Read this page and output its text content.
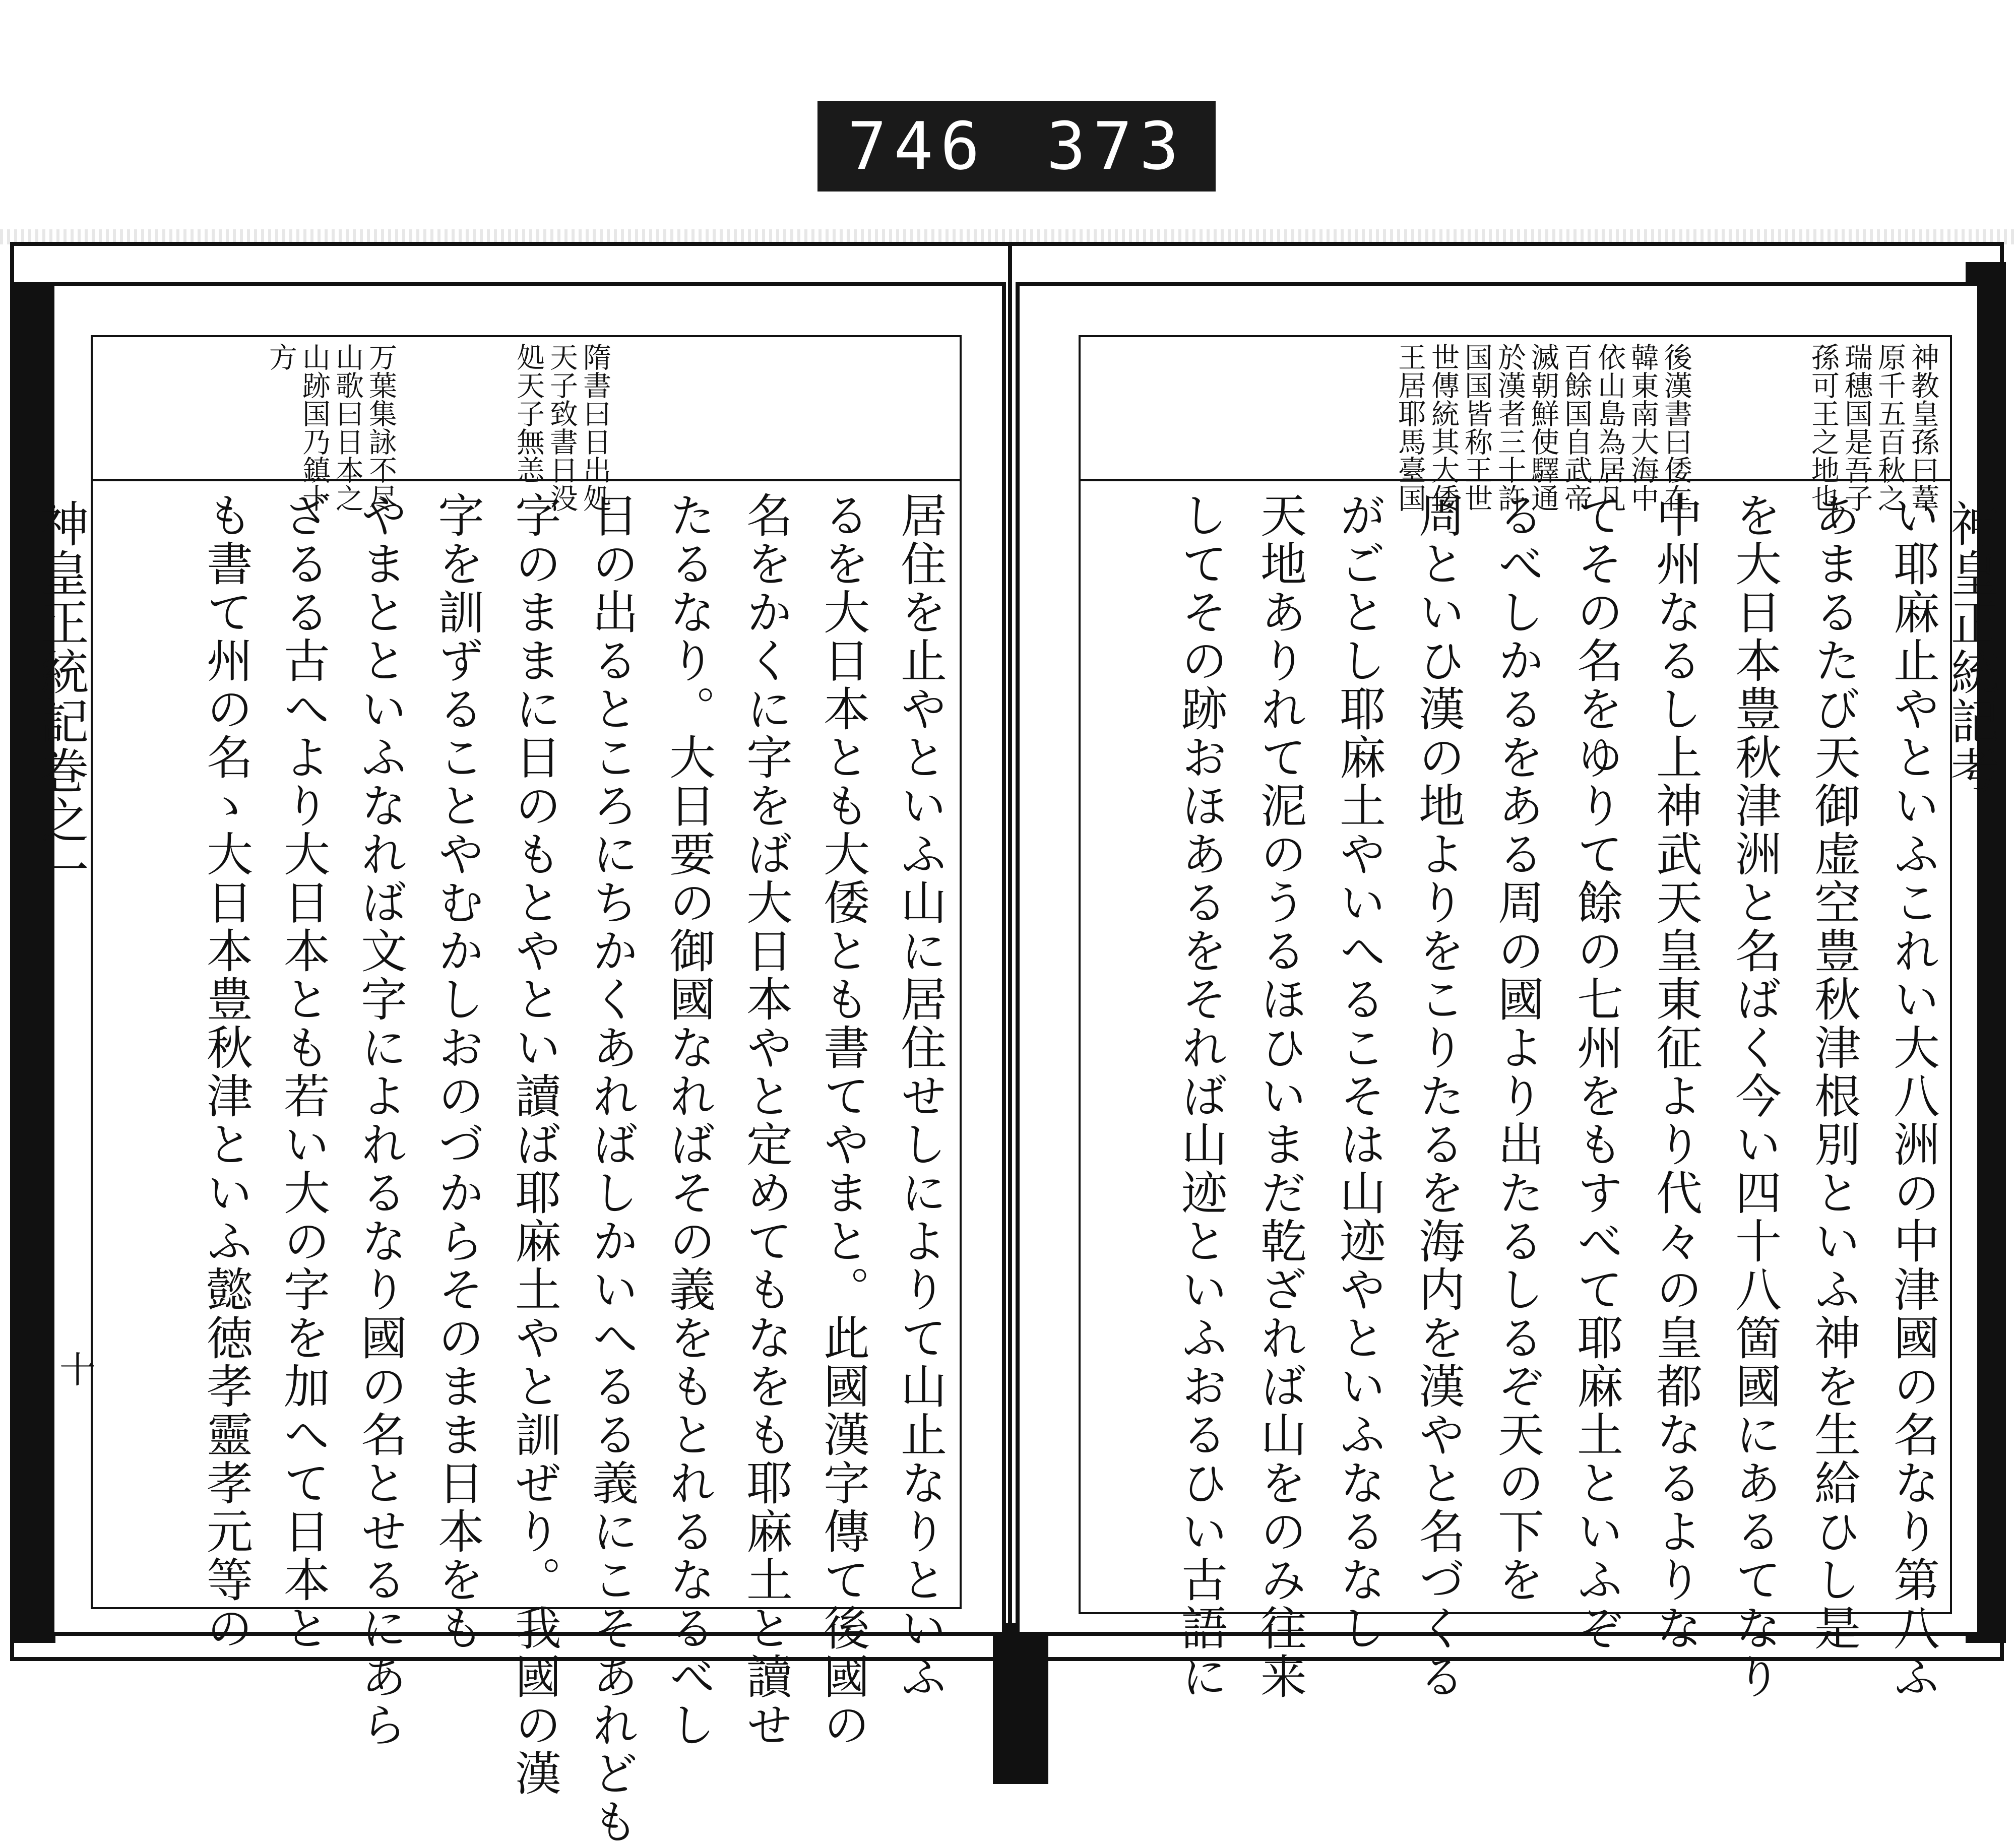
746 373
神皇正統記巻之一
十
隋書曰日出処
天子致書日没
処天子無恙
万葉集詠不尽
山歌曰日本之
山跡国乃鎮十
方
居住を止やといふ山に居住せしによりて山止なりといふ
るを大日本とも大倭とも書てやまと。此國漢字傳て後國の
名をかくに字をば大日本やと定めてもなをも耶麻土と讀せ
たるなり。大日要の御國なればその義をもとれるなるべし
日の出るところにちかくあればしかいへるる義にこそあれども
字のままに日のもとやとい讀ば耶麻土やと訓ぜり。我國の漢
字を訓ずることやむかしおのづからそのまま日本をも
やまとといふなれば文字によれるなり國の名とせるにあら
ざるる古へより大日本とも若い大の字を加へて日本と
も書て州の名ゝ大日本豊秋津といふ懿徳孝靈孝元等の	神皇正統記考
神教皇孫曰葦
原千五百秋之
瑞穗国是吾子
孫可王之地也
後漢書曰倭在
韓東南大海中
依山島為居凡
百餘国自武帝
滅朝鮮使驛通
於漢者三十許
国国皆称王世
世傳統其大倭
王居耶馬臺国
い耶麻止やといふこれい大八洲の中津國の名なり第八ふ
あまるたび天御虚空豊秋津根別といふ神を生給ひし是
を大日本豊秋津洲と名ばく今い四十八箇國にあるてなり
中州なるし上神武天皇東征より代々の皇都なるよりな
てその名をゆりて餘の七州をもすべて耶麻土といふぞ
るべしかるをある周の國より出たるしるぞ天の下を
周といひ漢の地よりをこりたるを海内を漢やと名づくる
がごとし耶麻土やいへるこそは山迹やといふなるなし
天地ありれて泥のうるほひいまだ乾ざれば山をのみ往来
してその跡おほあるをそれば山迹といふおるひい古語に
